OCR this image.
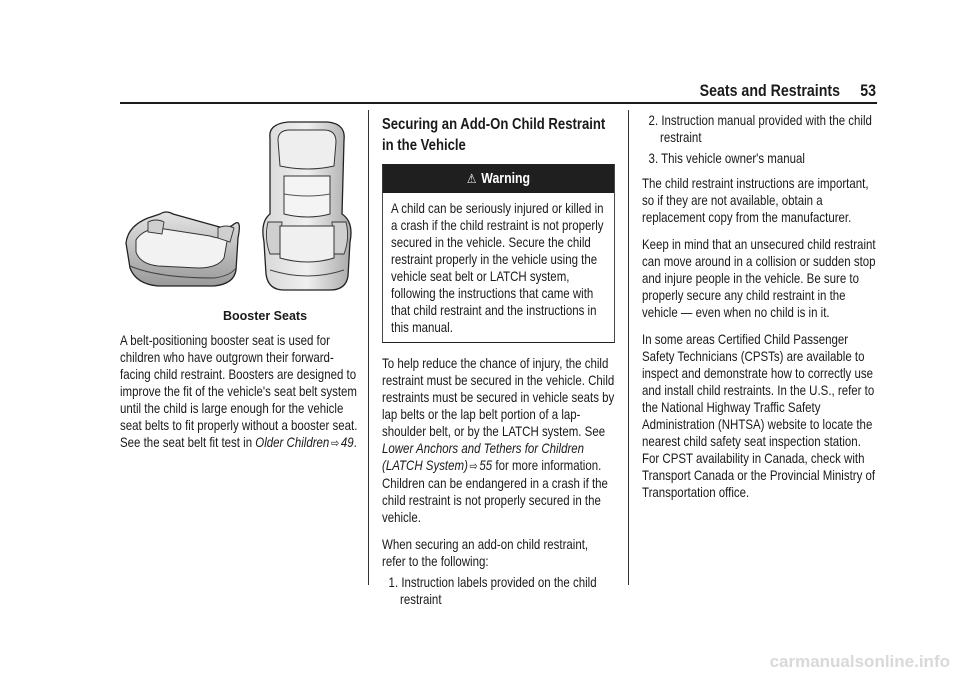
Seats and Restraints	53
Booster Seats

A belt-positioning booster seat is used for children who have outgrown their forward-facing child restraint. Boosters are designed to improve the fit of the vehicle's seat belt system until the child is large enough for the vehicle seat belts to fit properly without a booster seat. See the seat belt fit test in Older Children ⇨ 49.

Securing an Add-On Child Restraint in the Vehicle
⚠ Warning
A child can be seriously injured or killed in a crash if the child restraint is not properly secured in the vehicle. Secure the child restraint properly in the vehicle using the vehicle seat belt or LATCH system, following the instructions that came with that child restraint and the instructions in this manual.

To help reduce the chance of injury, the child restraint must be secured in the vehicle. Child restraints must be secured in vehicle seats by lap belts or the lap belt portion of a lap-shoulder belt, or by the LATCH system. See Lower Anchors and Tethers for Children (LATCH System) ⇨ 55 for more information. Children can be endangered in a crash if the child restraint is not properly secured in the vehicle.

When securing an add-on child restraint, refer to the following:

1. Instruction labels provided on the child restraint
2. Instruction manual provided with the child restraint
3. This vehicle owner's manual

The child restraint instructions are important, so if they are not available, obtain a replacement copy from the manufacturer.

Keep in mind that an unsecured child restraint can move around in a collision or sudden stop and injure people in the vehicle. Be sure to properly secure any child restraint in the vehicle — even when no child is in it.

In some areas Certified Child Passenger Safety Technicians (CPSTs) are available to inspect and demonstrate how to correctly use and install child restraints. In the U.S., refer to the National Highway Traffic Safety Administration (NHTSA) website to locate the nearest child safety seat inspection station. For CPST availability in Canada, check with Transport Canada or the Provincial Ministry of Transportation office.

carmanualsonline.info
